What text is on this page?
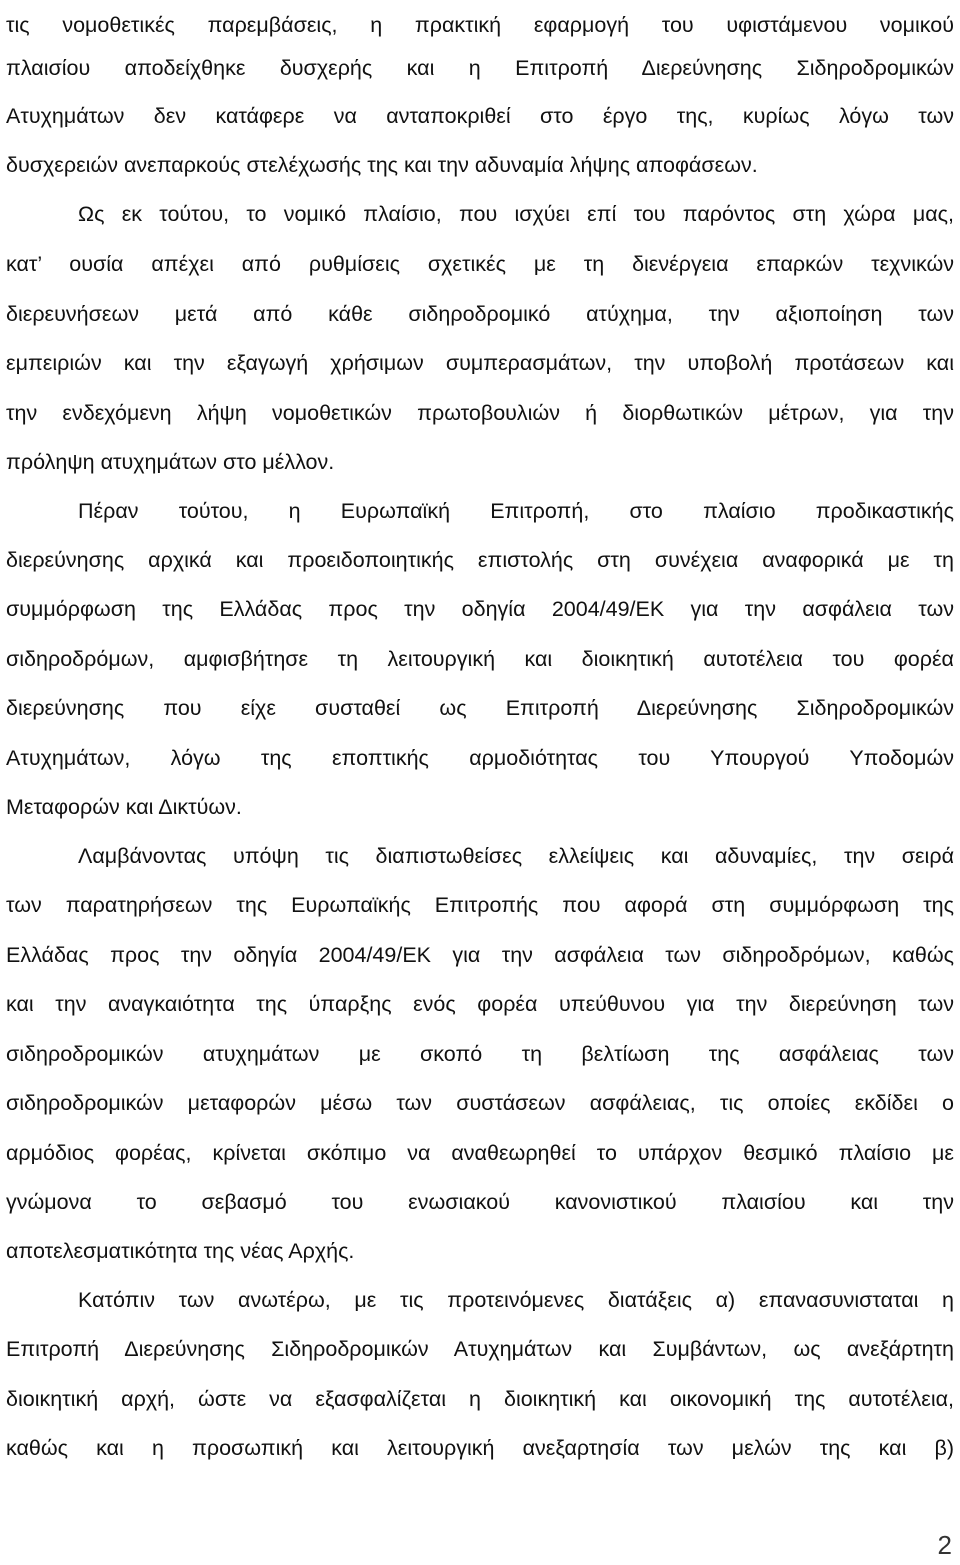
τις νομοθετικές παρεμβάσεις, η πρακτική εφαρμογή του υφιστάμενου νομικού
πλαισίου αποδείχθηκε δυσχερής και η Επιτροπή Διερεύνησης Σιδηροδρομικών
Ατυχημάτων δεν κατάφερε να ανταποκριθεί στο έργο της, κυρίως λόγω των
δυσχερειών ανεπαρκούς στελέχωσής της και την αδυναμία λήψης αποφάσεων.
Ως εκ τούτου, το νομικό πλαίσιο, που ισχύει επί του παρόντος στη χώρα μας,
κατ’ ουσία απέχει από ρυθμίσεις σχετικές με τη διενέργεια επαρκών τεχνικών
διερευνήσεων μετά από κάθε σιδηροδρομικό ατύχημα, την αξιοποίηση των
εμπειριών και την εξαγωγή χρήσιμων συμπερασμάτων, την υποβολή προτάσεων και
την ενδεχόμενη λήψη νομοθετικών πρωτοβουλιών ή διορθωτικών μέτρων, για την
πρόληψη ατυχημάτων στο μέλλον.
Πέραν τούτου, η Ευρωπαϊκή Επιτροπή, στο πλαίσιο προδικαστικής
διερεύνησης αρχικά και προειδοποιητικής επιστολής στη συνέχεια αναφορικά με τη
συμμόρφωση της Ελλάδας προς την οδηγία 2004/49/ΕΚ για την ασφάλεια των
σιδηροδρόμων, αμφισβήτησε τη λειτουργική και διοικητική αυτοτέλεια του φορέα
διερεύνησης που είχε συσταθεί ως Επιτροπή Διερεύνησης Σιδηροδρομικών
Ατυχημάτων, λόγω της εποπτικής αρμοδιότητας του Υπουργού Υποδομών
Μεταφορών και Δικτύων.
Λαμβάνοντας υπόψη τις διαπιστωθείσες ελλείψεις και αδυναμίες, την σειρά
των παρατηρήσεων της Ευρωπαϊκής Επιτροπής που αφορά στη συμμόρφωση της
Ελλάδας προς την οδηγία 2004/49/ΕΚ για την ασφάλεια των σιδηροδρόμων, καθώς
και την αναγκαιότητα της ύπαρξης ενός φορέα υπεύθυνου για την διερεύνηση των
σιδηροδρομικών ατυχημάτων με σκοπό τη βελτίωση της ασφάλειας των
σιδηροδρομικών μεταφορών μέσω των συστάσεων ασφάλειας, τις οποίες εκδίδει ο
αρμόδιος φορέας, κρίνεται σκόπιμο να αναθεωρηθεί το υπάρχον θεσμικό πλαίσιο με
γνώμονα το σεβασμό του ενωσιακού κανονιστικού πλαισίου και την
αποτελεσματικότητα της νέας Αρχής.
Κατόπιν των ανωτέρω, με τις προτεινόμενες διατάξεις α) επανασυνισταται η
Επιτροπή Διερεύνησης Σιδηροδρομικών Ατυχημάτων και Συμβάντων, ως ανεξάρτητη
διοικητική αρχή, ώστε να εξασφαλίζεται η διοικητική και οικονομική της αυτοτέλεια,
καθώς και η προσωπική και λειτουργική ανεξαρτησία των μελών της και β)
2
